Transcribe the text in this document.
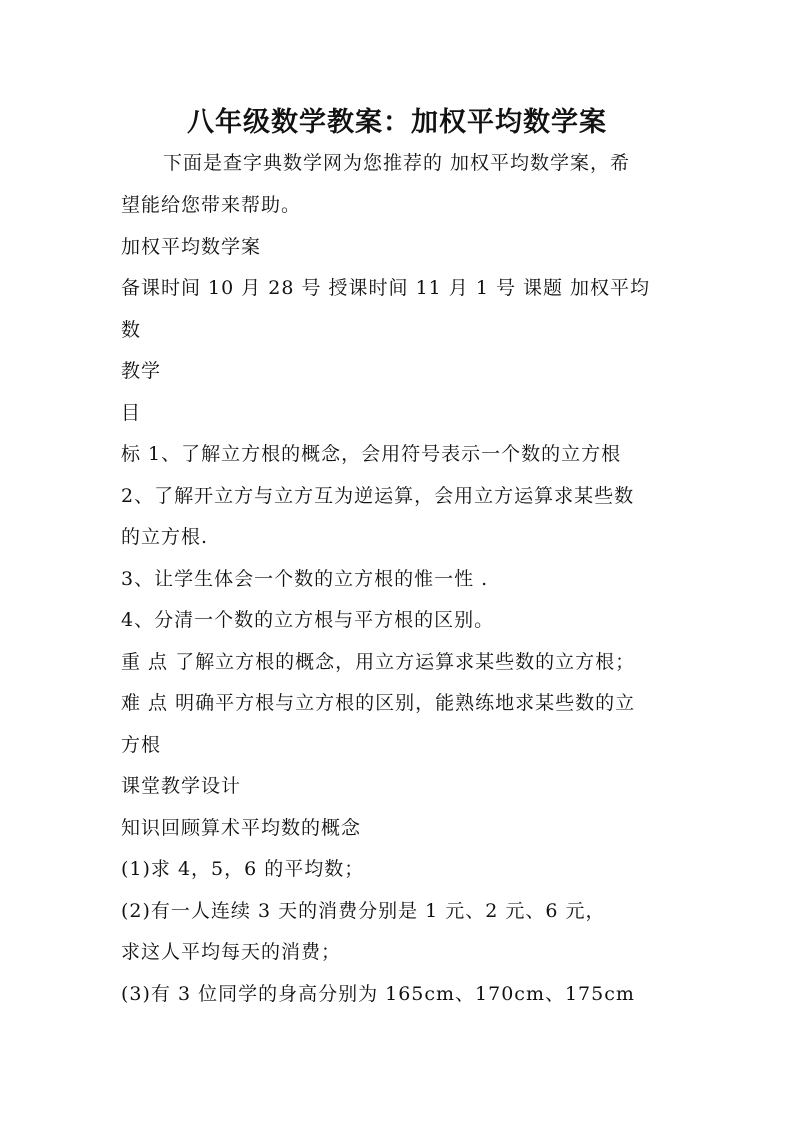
八年级数学教案：加权平均数学案
下面是查字典数学网为您推荐的 加权平均数学案，希
望能给您带来帮助。
加权平均数学案
备课时间 10 月 28 号 授课时间 11 月 1 号 课题 加权平均
数
教学
目
标 1、了解立方根的概念，会用符号表示一个数的立方根
2、了解开立方与立方互为逆运算，会用立方运算求某些数
的立方根.
3、让学生体会一个数的立方根的惟一性 .
4、分清一个数的立方根与平方根的区别。
重 点 了解立方根的概念，用立方运算求某些数的立方根；
难 点 明确平方根与立方根的区别，能熟练地求某些数的立
方根
课堂教学设计
知识回顾算术平均数的概念
(1)求 4，5，6 的平均数；
(2)有一人连续 3 天的消费分别是 1 元、2 元、6 元，
求这人平均每天的消费；
(3)有 3 位同学的身高分别为 165cm、170cm、175cm
